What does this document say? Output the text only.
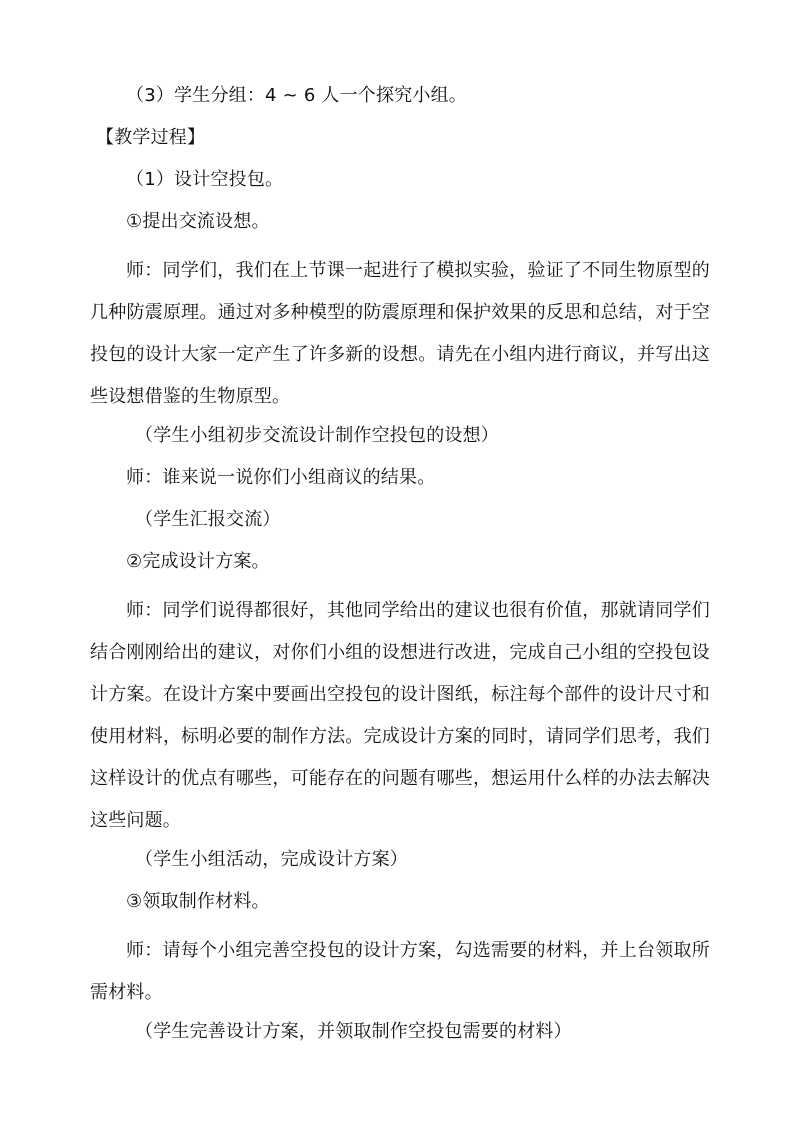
（3）学生分组：4 ~ 6 人一个探究小组。

【教学过程】

（1）设计空投包。

①提出交流设想。

师：同学们，我们在上节课一起进行了模拟实验，验证了不同生物原型的几种防震原理。通过对多种模型的防震原理和保护效果的反思和总结，对于空投包的设计大家一定产生了许多新的设想。请先在小组内进行商议，并写出这些设想借鉴的生物原型。

（学生小组初步交流设计制作空投包的设想）

师：谁来说一说你们小组商议的结果。

（学生汇报交流）

②完成设计方案。

师：同学们说得都很好，其他同学给出的建议也很有价值，那就请同学们结合刚刚给出的建议，对你们小组的设想进行改进，完成自己小组的空投包设计方案。在设计方案中要画出空投包的设计图纸，标注每个部件的设计尺寸和使用材料，标明必要的制作方法。完成设计方案的同时，请同学们思考，我们这样设计的优点有哪些，可能存在的问题有哪些，想运用什么样的办法去解决这些问题。

（学生小组活动，完成设计方案）

③领取制作材料。

师：请每个小组完善空投包的设计方案，勾选需要的材料，并上台领取所需材料。

（学生完善设计方案，并领取制作空投包需要的材料）
